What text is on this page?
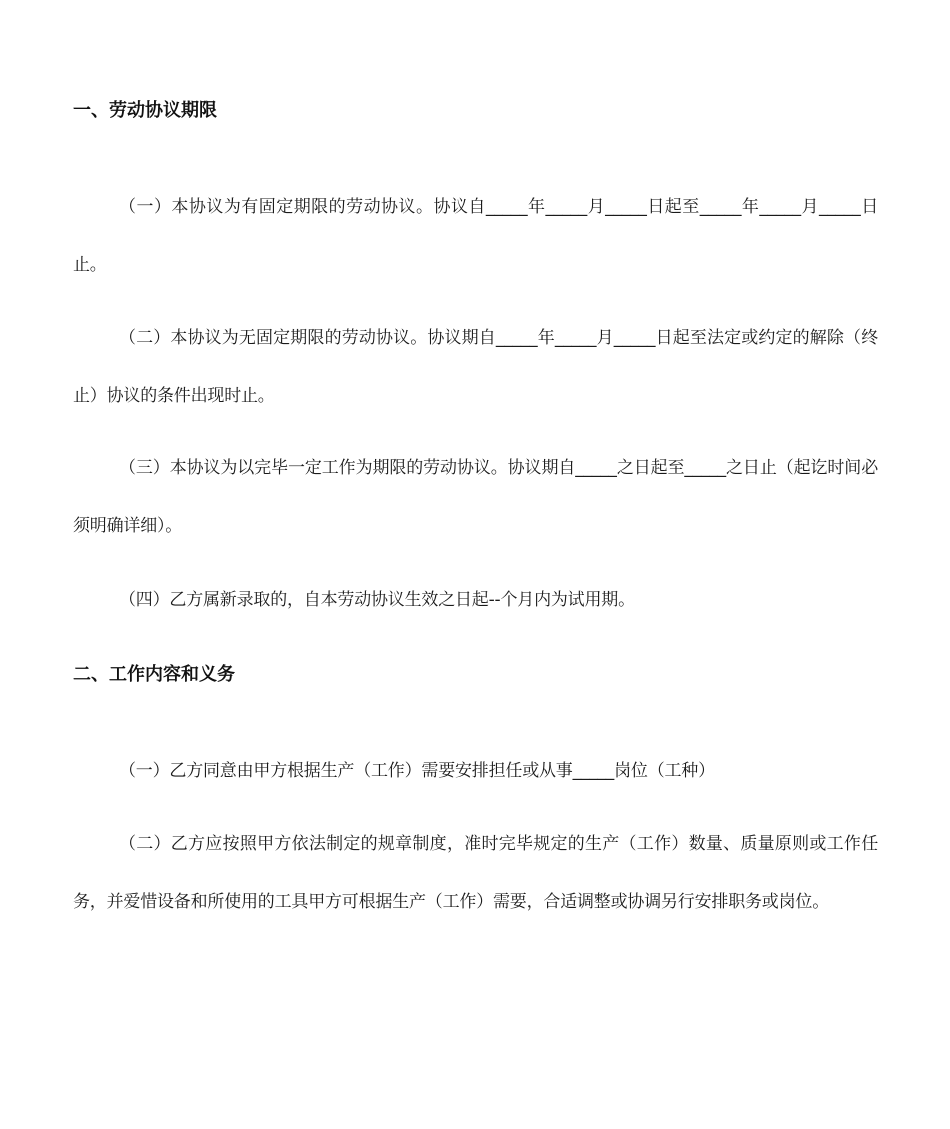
一、劳动协议期限

（一）本协议为有固定期限的劳动协议。协议自_____年_____月_____日起至_____年_____月_____日止。

（二）本协议为无固定期限的劳动协议。协议期自_____年_____月_____日起至法定或约定的解除（终止）协议的条件出现时止。

（三）本协议为以完毕一定工作为期限的劳动协议。协议期自_____之日起至_____之日止（起讫时间必须明确详细）。

（四）乙方属新录取的，自本劳动协议生效之日起--个月内为试用期。

二、工作内容和义务

（一）乙方同意由甲方根据生产（工作）需要安排担任或从事_____岗位（工种）

（二）乙方应按照甲方依法制定的规章制度，准时完毕规定的生产（工作）数量、质量原则或工作任务，并爱惜设备和所使用的工具甲方可根据生产（工作）需要，合适调整或协调另行安排职务或岗位。
